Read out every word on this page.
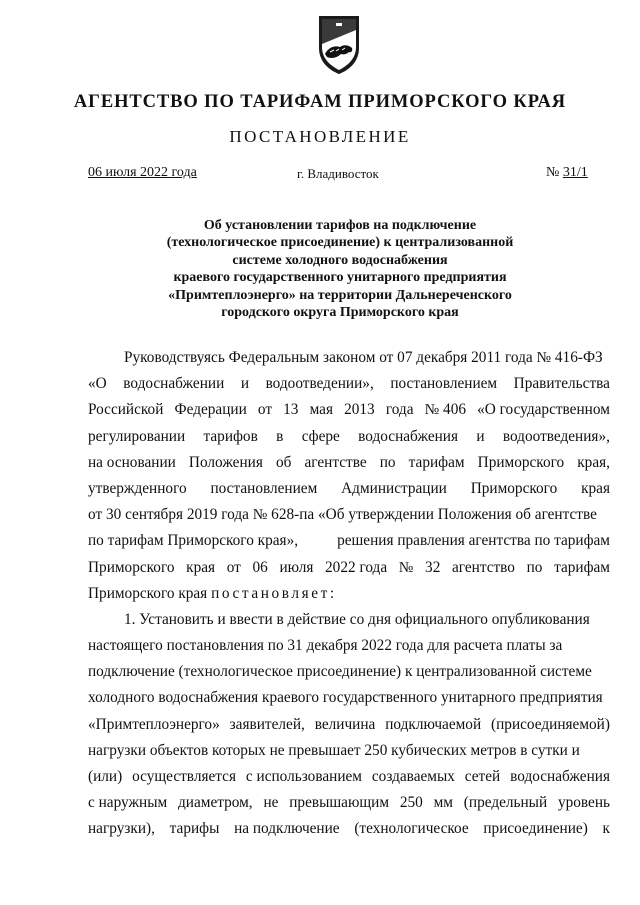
АГЕНТСТВО ПО ТАРИФАМ ПРИМОРСКОГО КРАЯ
ПОСТАНОВЛЕНИЕ
06 июля 2022 года	г. Владивосток	№ 31/1
Об установлении тарифов на подключение
(технологическое присоединение) к централизованной
системе холодного водоснабжения
краевого государственного унитарного предприятия
«Примтеплоэнерго» на территории Дальнереченского
городского округа Приморского края
Руководствуясь Федеральным законом от 07 декабря 2011 года № 416-ФЗ
«О водоснабжении и водоотведении», постановлением Правительства
Российской Федерации от 13 мая 2013 года № 406 «О государственном
регулировании тарифов в сфере водоснабжения и водоотведения»,
на основании Положения об агентстве по тарифам Приморского края,
утвержденного постановлением Администрации Приморского края
от 30 сентября 2019 года № 628-па «Об утверждении Положения об агентстве
по тарифам Приморского края»,	решения правления агентства по тарифам
Приморского края от 06 июля 2022 года № 32 агентство по тарифам
Приморского края постановляет:
1. Установить и ввести в действие со дня официального опубликования
настоящего постановления по 31 декабря 2022 года для расчета платы за
подключение (технологическое присоединение) к централизованной системе
холодного водоснабжения краевого государственного унитарного предприятия
«Примтеплоэнерго» заявителей, величина подключаемой (присоединяемой)
нагрузки объектов которых не превышает 250 кубических метров в сутки и
(или) осуществляется с использованием создаваемых сетей водоснабжения
с наружным диаметром, не превышающим 250 мм (предельный уровень
нагрузки), тарифы на подключение (технологическое присоединение) к
